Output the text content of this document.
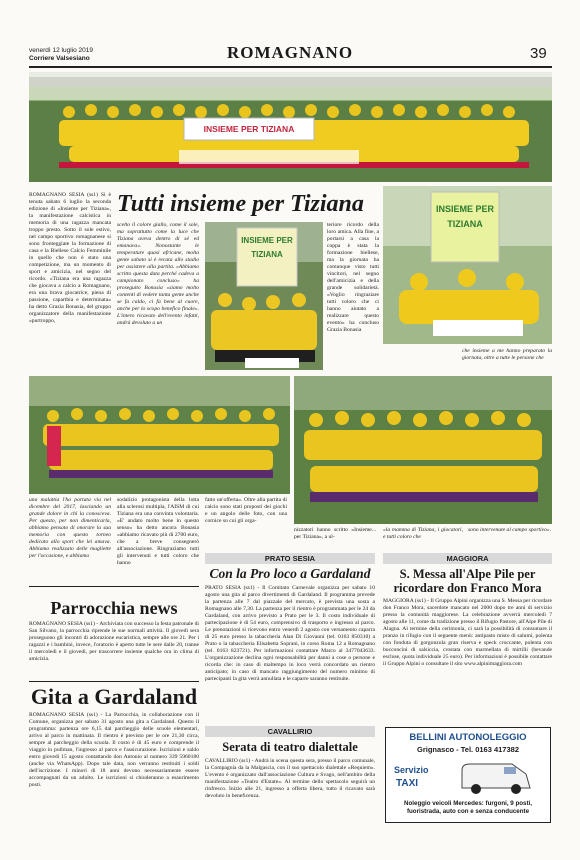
venerdì 12 luglio 2019
Corriere Valsesiano	ROMAGNANO	39
INSIEME PER TIZIANA
Tutti insieme per Tiziana
ROMAGNANO SESIA (ss1) Si è tenuta sabato 6 luglio la seconda edizione di «Insieme per Tiziana», la manifestazione calcistica in memoria di una ragazza mancata troppo presto. Sotto il sole estivo, nel campo sportivo romagnanese si sono fronteggiate la formazione di casa e la Biellese Calcio Femminile in quello che non è stato una competizione, ma un momento di sport e amicizia, nel segno del ricordo. «Tiziana era una ragazza che giocava a calcio a Romagnano, era una brava giocatrice, piena di passione, capartbia e determinata» ha detto Grazia Bonasia, del gruppo organizzatore della manifestazione «purtroppo,
scelto il colore giallo, come il sole, ma soprattutto come la luce che Tiziana aveva dentro di sé ed emanava». Nonostante le temperature quasi africane, molta gente sabato si è recata allo stadio per assistere alla partita. «Abbiamo scritto questa data perché cadeva a campionato concluso» ha proseguito Bonasia «siamo molto contenti di vedere tanta gente anche se fa caldo, ci fa bene al cuore, anche per lo scopo benefico finale». L'intero ricavato dell'evento infatti, andrà devoluto a un
INSIEME PER TIZIANA
teriore ricordo della loro amica. Alla fine, a portarsi a casa la coppa è stata la formazione biellese, ma la giornata ha comunque visto tutti vincitori, nel segno dell'amicizia e della grande solidarietà. «Voglio ringraziare tutti coloro che ci hanno aiutato a realizzare questo evento» ha concluso Grazia Bonasia
INSIEME PER TIZIANA
che insieme a me hanno preparato la giornata, oltre a tutte le persone che
una malattia l'ha portata via nel dicembre del 2017, lasciando un grande dolore in chi la conosceva. Per questo, per non dimenticarla, abbiamo pensato di onorare la sua memoria con questo torneo dedicato allo sport che lei amava. Abbiamo realizzato delle magliette per l'occasione, e abbiamo
sodalizio protagonista della lotta alla sclerosi multipla, l'AISM di cui Tiziana era una convinta volontaria. «E' andato molto bene in questo senso» ha detto ancora Bonasia «abbiamo ricavato più di 2700 euro, che a breve consegnerò all'associazione. Ringraziamo tutti gli intervenuti e tutti coloro che hanno
fatto un'offerta». Oltre alla partita di calcio sono stati proposti dei giochi e un angolo delle foto, con una cornice su cui gli orga-
nizzatori hanno scritto «Insieme... per Tiziana», a ul-
«la mamma di Tiziana, i giocatori, e tutti coloro che
sono intervenute al campo sportivo».
Parrocchia news
ROMAGNANO SESIA (ss1) - Archiviata con successo la festa patronale di San Silvano, la parrocchia riprende le sue normali attività. Il giovedì sera proseguono gli incontri di adorazione eucaristica, sempre alle ore 21. Per i ragazzi e i bambini, invece, l'oratorio è aperto tutte le sere dalle 20, tranne il mercoledì e il giovedì, per trascorrere insieme qualche ora in clima di amicizia.
Gita a Gardaland
ROMAGNANO SESIA (ss1) - La Parrocchia, in collaborazione con il Comune, organizza per sabato 31 agosto una gita a Gardaland. Questo il programma: partenza ore 6,15 dal parcheggio delle scuole elementari, arrivo al parco in mattinata. Il rientro è previsto per le ore 21,30 circa, sempre al parcheggio della scuola. Il costo è di 45 euro e comprende il viaggio in pullman, l'ingresso al parco e l'assicurazione. Iscrizioni e saldo entro giovedì 15 agosto contattando don Antonio al numero 339 5960180 (anche via WhatsApp). Dopo tale data, non verranno restituiti i soldi dell'iscrizione. I minori di 18 anni devono necessariamente essere accompagnati da un adulto. Le iscrizioni si chiuderanno a esaurimento posti.
PRATO SESIA
Con la Pro loco a Gardaland
PRATO SESIA (ss1) - Il Comitato Carnevale organizza per sabato 10 agosto una gita al parco divertimenti di Gardaland. Il programma prevede la partenza alle 7 dal piazzale del mercato, è prevista una sosta a Romagnano alle 7,30. La partenza per il rientro è programmata per le 24 da Gardaland, con arrivo previsto a Prato per le 3. Il costo individuale di partecipazione è di 54 euro, comprensivo di trasporto e ingresso al parco. Le prenotazioni si ricevono entro venerdì 2 agosto con versamento caparra di 25 euro presso la tabaccheria Alan Di Giovanni (tel. 0163 850310) a Prato o la tabaccheria Elisabetta Soprani, in corso Roma 12 a Romagnano (tel. 0163 823721). Per informazioni contattare Marco al 3477043633. L'organizzazione declina ogni responsabilità per danni a cose o persone e ricorda che: in caso di maltempo in loco verrà concordato un rientro anticipato; in caso di mancato raggiungimento del numero minimo di partecipanti la gita verrà annullata e le caparre saranno restituite.
CAVALLIRIO
Serata di teatro dialettale
CAVALLIRIO (ss1) - Andrà in scena questa sera, presso il parco comunale, la Compagnia da la Malgascia, con il suo spettacolo dialettale «Requiem». L'evento è organizzato dall'associazione Cultura e Svago, nell'ambito della manifestazione «Teatro d'Estate». Al termine dello spettacolo seguirà un rinfresco. Inizio alle 21, ingresso a offerta libera, tutto il ricavato sarà devoluto in beneficenza.
MAGGIORA
S. Messa all'Alpe Pile per ricordare don Franco Mora
MAGGIORA (ss1) - Il Gruppo Alpini organizza una S. Messa per ricordare don Franco Mora, sacerdote mancato nel 2000 dopo tre anni di servizio presso la comunità maggiorese. La celebrazione avverrà mercoledì 7 agosto alle 11, come da tradizione presso il Rifugio Pastore, all'Alpe Pile di Alagna. Al termine della cerimonia, ci sarà la possibilità di consumare il pranzo in rifugio con il seguente menù: antipasto misto di salumi, polenta con fonduta di gorgonzola gran riserva e speck croccante, polenta con bocconcini di salsiccia, crostata con marmellata di mirtilli (bevande escluse, quota individuale 25 euro). Per informazioni è possibile contattare il Gruppo Alpini o consultare il sito www.alpinimaggiora.com
BELLINI AUTONOLEGGIO
Grignasco - Tel. 0163 417382
Servizio
TAXI
Noleggio veicoli Mercedes: furgoni, 9 posti, fuoristrada, auto con e senza conducente
